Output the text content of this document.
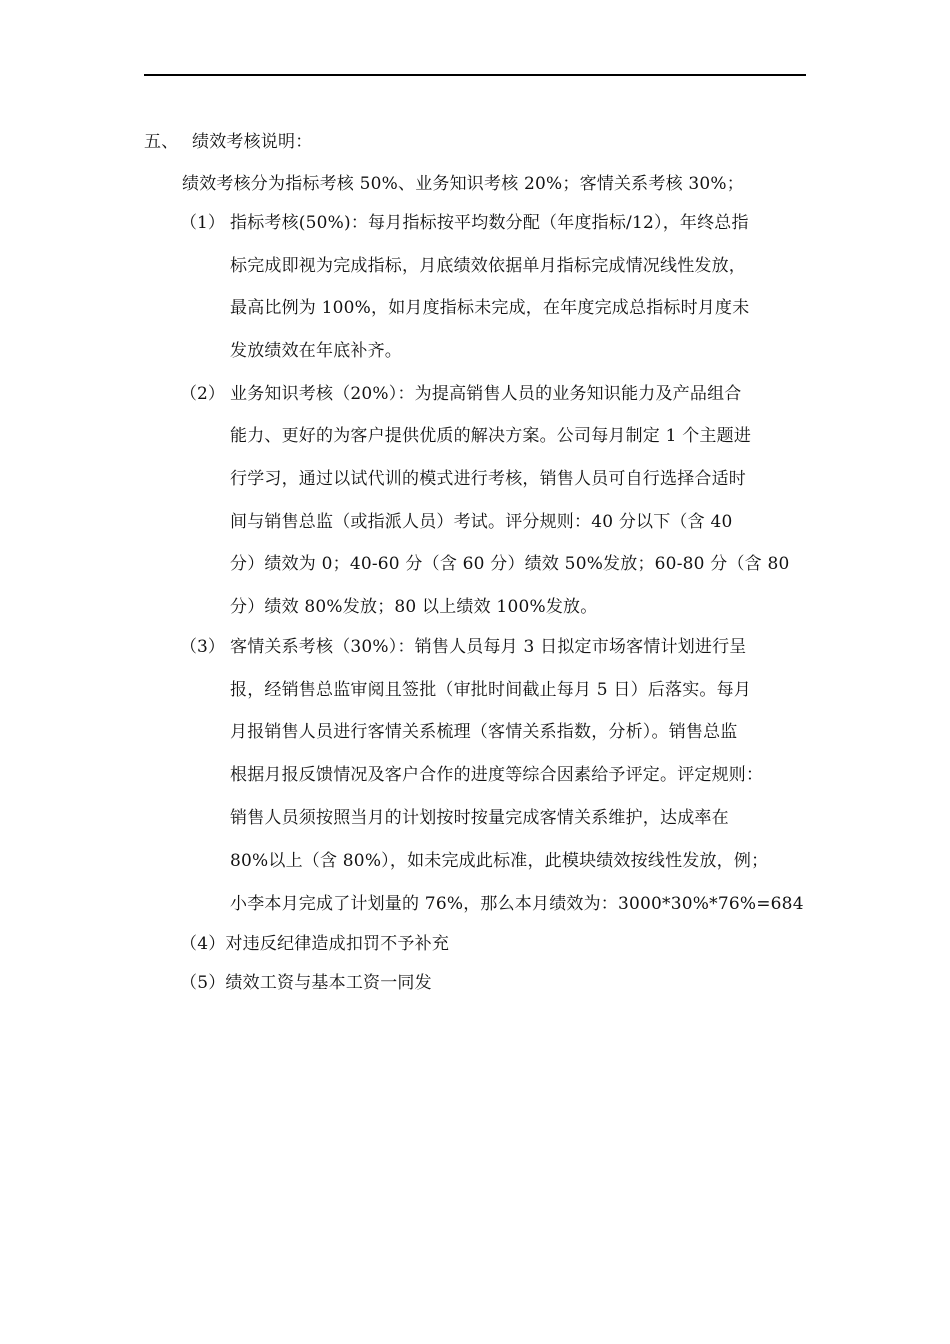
五、 绩效考核说明：
绩效考核分为指标考核 50%、业务知识考核 20%；客情关系考核 30%；
（1） 指标考核(50%)：每月指标按平均数分配（年度指标/12），年终总指
标完成即视为完成指标，月底绩效依据单月指标完成情况线性发放，
最高比例为 100%，如月度指标未完成，在年度完成总指标时月度未
发放绩效在年底补齐。
（2） 业务知识考核（20%）：为提高销售人员的业务知识能力及产品组合
能力、更好的为客户提供优质的解决方案。公司每月制定 1 个主题进
行学习，通过以试代训的模式进行考核，销售人员可自行选择合适时
间与销售总监（或指派人员）考试。评分规则：40 分以下（含 40
分）绩效为 0；40-60 分（含 60 分）绩效 50%发放；60-80 分（含 80
分）绩效 80%发放；80 以上绩效 100%发放。
（3） 客情关系考核（30%）：销售人员每月 3 日拟定市场客情计划进行呈
报，经销售总监审阅且签批（审批时间截止每月 5 日）后落实。每月
月报销售人员进行客情关系梳理（客情关系指数，分析）。销售总监
根据月报反馈情况及客户合作的进度等综合因素给予评定。评定规则：
销售人员须按照当月的计划按时按量完成客情关系维护，达成率在
80%以上（含 80%），如未完成此标准，此模块绩效按线性发放，例；
小李本月完成了计划量的 76%，那么本月绩效为：3000*30%*76%=684
（4）对违反纪律造成扣罚不予补充
（5）绩效工资与基本工资一同发
